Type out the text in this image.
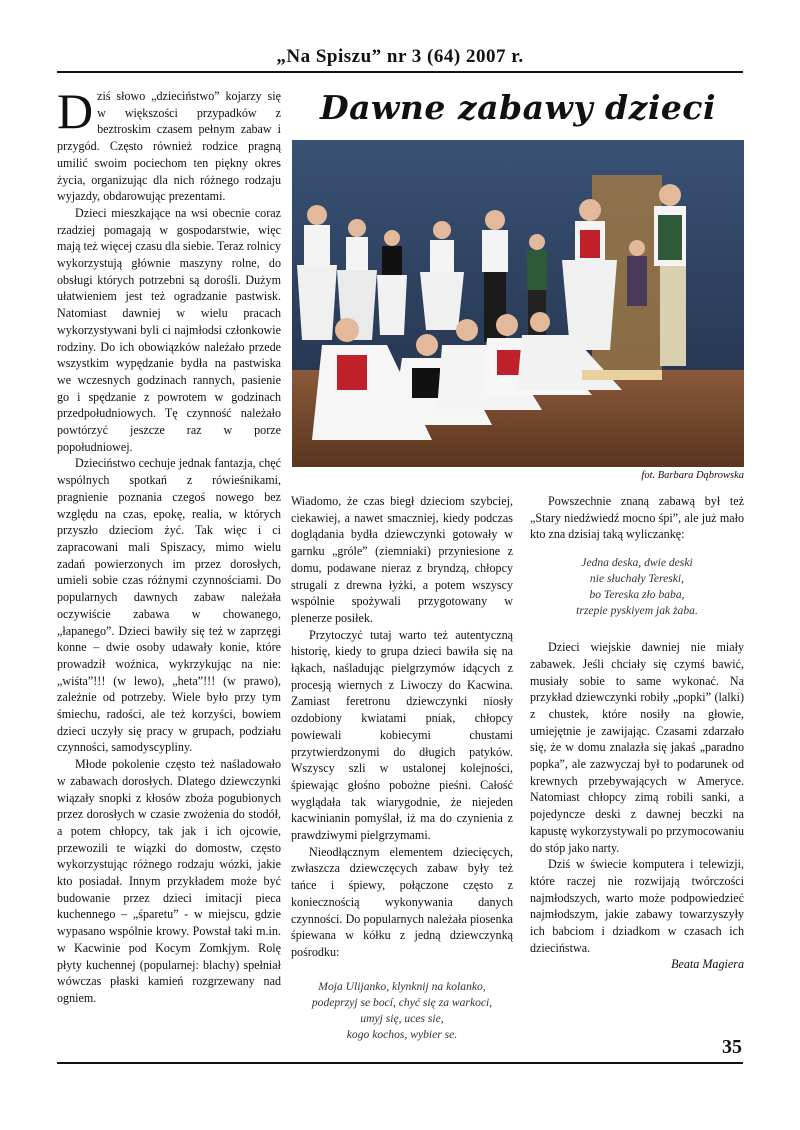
„Na Spiszu” nr 3 (64) 2007 r.

Dziś słowo „dzieciństwo” kojarzy się w większości przypadków z beztroskim czasem pełnym zabaw i przygód. Często również rodzice pragną umilić swoim pociechom ten piękny okres życia, organizując dla nich różnego rodzaju wyjazdy, obdarowując prezentami.

Dzieci mieszkające na wsi obecnie coraz rzadziej pomagają w gospodarstwie, więc mają też więcej czasu dla siebie. Teraz rolnicy wykorzystują głównie maszyny rolne, do obsługi których potrzebni są dorośli. Dużym ułatwieniem jest też ogradzanie pastwisk. Natomiast dawniej w wielu pracach wykorzystywani byli ci najmłodsi członkowie rodziny. Do ich obowiązków należało przede wszystkim wypędzanie bydła na pastwiska we wczesnych godzinach rannych, pasienie go i spędzanie z powrotem w godzinach przedpołudniowych. Tę czynność należało powtórzyć jeszcze raz w porze popołudniowej.

Dzieciństwo cechuje jednak fantazja, chęć wspólnych spotkań z rówieśnikami, pragnienie poznania czegoś nowego bez względu na czas, epokę, realia, w których przyszło dzieciom żyć. Tak więc i ci zapracowani mali Spiszacy, mimo wielu zadań powierzonych im przez dorosłych, umieli sobie czas różnymi czynnościami. Do popularnych dawnych zabaw należała oczywiście zabawa w chowanego, „łapanego”. Dzieci bawiły się też w zaprzęgi konne – dwie osoby udawały konie, które prowadził woźnica, wykrzykując na nie: „wiśta”!!! (w lewo), „heta”!!! (w prawo), zależnie od potrzeby. Wiele było przy tym śmiechu, radości, ale też korzyści, bowiem dzieci uczyły się pracy w grupach, podziału czynności, samodyscypliny.

Młode pokolenie często też naśladowało w zabawach dorosłych. Dlatego dziewczynki wiązały snopki z kłosów zboża pogubionych przez dorosłych w czasie zwożenia do stodół, a potem chłopcy, tak jak i ich ojcowie, przewozili te wiązki do domostw, często wykorzystując różnego rodzaju wózki, jakie kto posiadał. Innym przykładem może być budowanie przez dzieci imitacji pieca kuchennego – „śparetu” - w miejscu, gdzie wypasano wspólnie krowy. Powstał taki m.in. w Kacwinie pod Kocym Zomkjym. Rolę płyty kuchennej (popularnej: blachy) spełniał wówczas płaski kamień rozgrzewany nad ogniem.

Dawne zabawy dzieci
fot. Barbara Dąbrowska

Wiadomo, że czas biegł dzieciom szybciej, ciekawiej, a nawet smaczniej, kiedy podczas doglądania bydła dziewczynki gotowały w garnku „gróle” (ziemniaki) przyniesione z domu, podawane nieraz z bryndzą, chłopcy strugali z drewna łyżki, a potem wszyscy wspólnie spożywali przygotowany w plenerze posiłek.

Przytoczyć tutaj warto też autentyczną historię, kiedy to grupa dzieci bawiła się na łąkach, naśladując pielgrzymów idących z procesją wiernych z Liwoczy do Kacwina. Zamiast feretronu dziewczynki niosły ozdobiony kwiatami pniak, chłopcy powiewali kobiecymi chustami przytwierdzonymi do długich patyków. Wszyscy szli w ustalonej kolejności, śpiewając głośno pobożne pieśni. Całość wyglądała tak wiarygodnie, że niejeden kacwinianin pomyślał, iż ma do czynienia z prawdziwymi pielgrzymami.

Nieodłącznym elementem dziecięcych, zwłaszcza dziewczęcych zabaw były też tańce i śpiewy, połączone często z koniecznością wykonywania danych czynności. Do popularnych należała piosenka śpiewana w kółku z jedną dziewczynką pośrodku:

Moja Ulijanko, klynknij na kolanko,
podeprzyj se bocí, chyć się za warkoci,
umyj się, uces sie,
kogo kochos, wybier se.

Powszechnie znaną zabawą był też „Stary niedźwiedź mocno śpi”, ale już mało kto zna dzisiaj taką wyliczankę:

Jedna deska, dwie deski
nie słuchały Tereski,
bo Tereska zło baba,
trzepie pyskiyem jak żaba.

Dzieci wiejskie dawniej nie miały zabawek. Jeśli chciały się czymś bawić, musiały sobie to same wykonać. Na przykład dziewczynki robiły „popki” (lalki) z chustek, które nosiły na głowie, umiejętnie je zawijając. Czasami zdarzało się, że w domu znalazła się jakaś „paradno popka”, ale zazwyczaj był to podarunek od krewnych przebywających w Ameryce. Natomiast chłopcy zimą robili sanki, a pojedyncze deski z dawnej beczki na kapustę wykorzystywali po przymocowaniu do stóp jako narty.

Dziś w świecie komputera i telewizji, które raczej nie rozwijają twórczości najmłodszych, warto może podpowiedzieć najmłodszym, jakie zabawy towarzyszyły ich babciom i dziadkom w czasach ich dzieciństwa.

Beata Magiera

35
